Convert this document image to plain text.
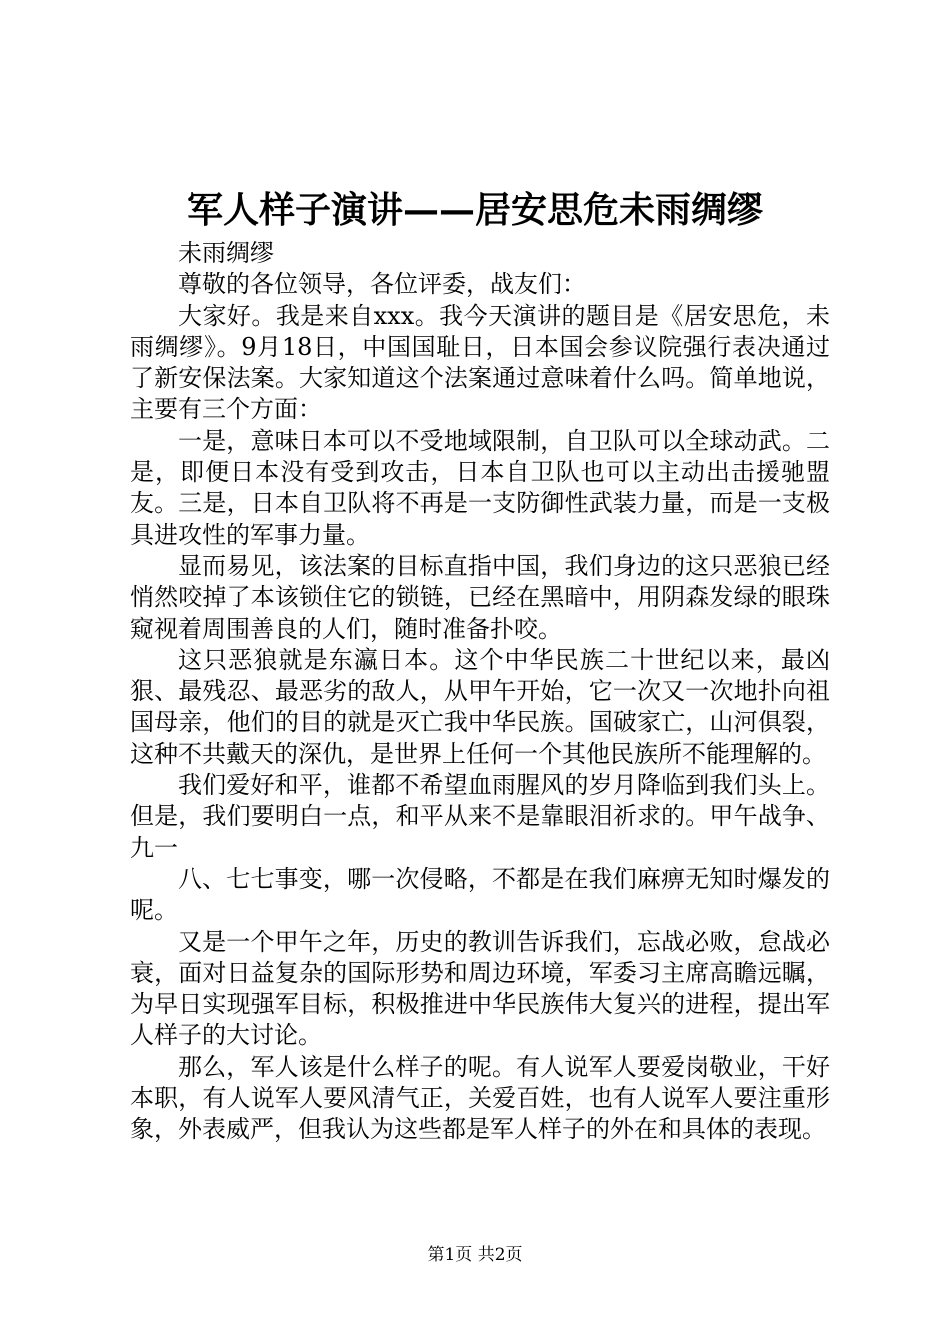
军人样子演讲——居安思危未雨绸缪

未雨绸缪

尊敬的各位领导，各位评委，战友们：

大家好。我是来自xxx。我今天演讲的题目是《居安思危，未雨绸缪》。9月18日，中国国耻日，日本国会参议院强行表决通过了新安保法案。大家知道这个法案通过意味着什么吗。简单地说，主要有三个方面：

一是，意味日本可以不受地域限制，自卫队可以全球动武。二是，即便日本没有受到攻击，日本自卫队也可以主动出击援驰盟友。三是，日本自卫队将不再是一支防御性武装力量，而是一支极具进攻性的军事力量。

显而易见，该法案的目标直指中国，我们身边的这只恶狼已经悄然咬掉了本该锁住它的锁链，已经在黑暗中，用阴森发绿的眼珠窥视着周围善良的人们，随时准备扑咬。

这只恶狼就是东瀛日本。这个中华民族二十世纪以来，最凶狠、最残忍、最恶劣的敌人，从甲午开始，它一次又一次地扑向祖国母亲，他们的目的就是灭亡我中华民族。国破家亡，山河俱裂，这种不共戴天的深仇，是世界上任何一个其他民族所不能理解的。

我们爱好和平，谁都不希望血雨腥风的岁月降临到我们头上。但是，我们要明白一点，和平从来不是靠眼泪祈求的。甲午战争、九一

八、七七事变，哪一次侵略，不都是在我们麻痹无知时爆发的呢。

又是一个甲午之年，历史的教训告诉我们，忘战必败，怠战必衰，面对日益复杂的国际形势和周边环境，军委习主席高瞻远瞩，为早日实现强军目标，积极推进中华民族伟大复兴的进程，提出军人样子的大讨论。

那么，军人该是什么样子的呢。有人说军人要爱岗敬业，干好本职，有人说军人要风清气正，关爱百姓，也有人说军人要注重形象，外表威严，但我认为这些都是军人样子的外在和具体的表现。

第1页 共2页
